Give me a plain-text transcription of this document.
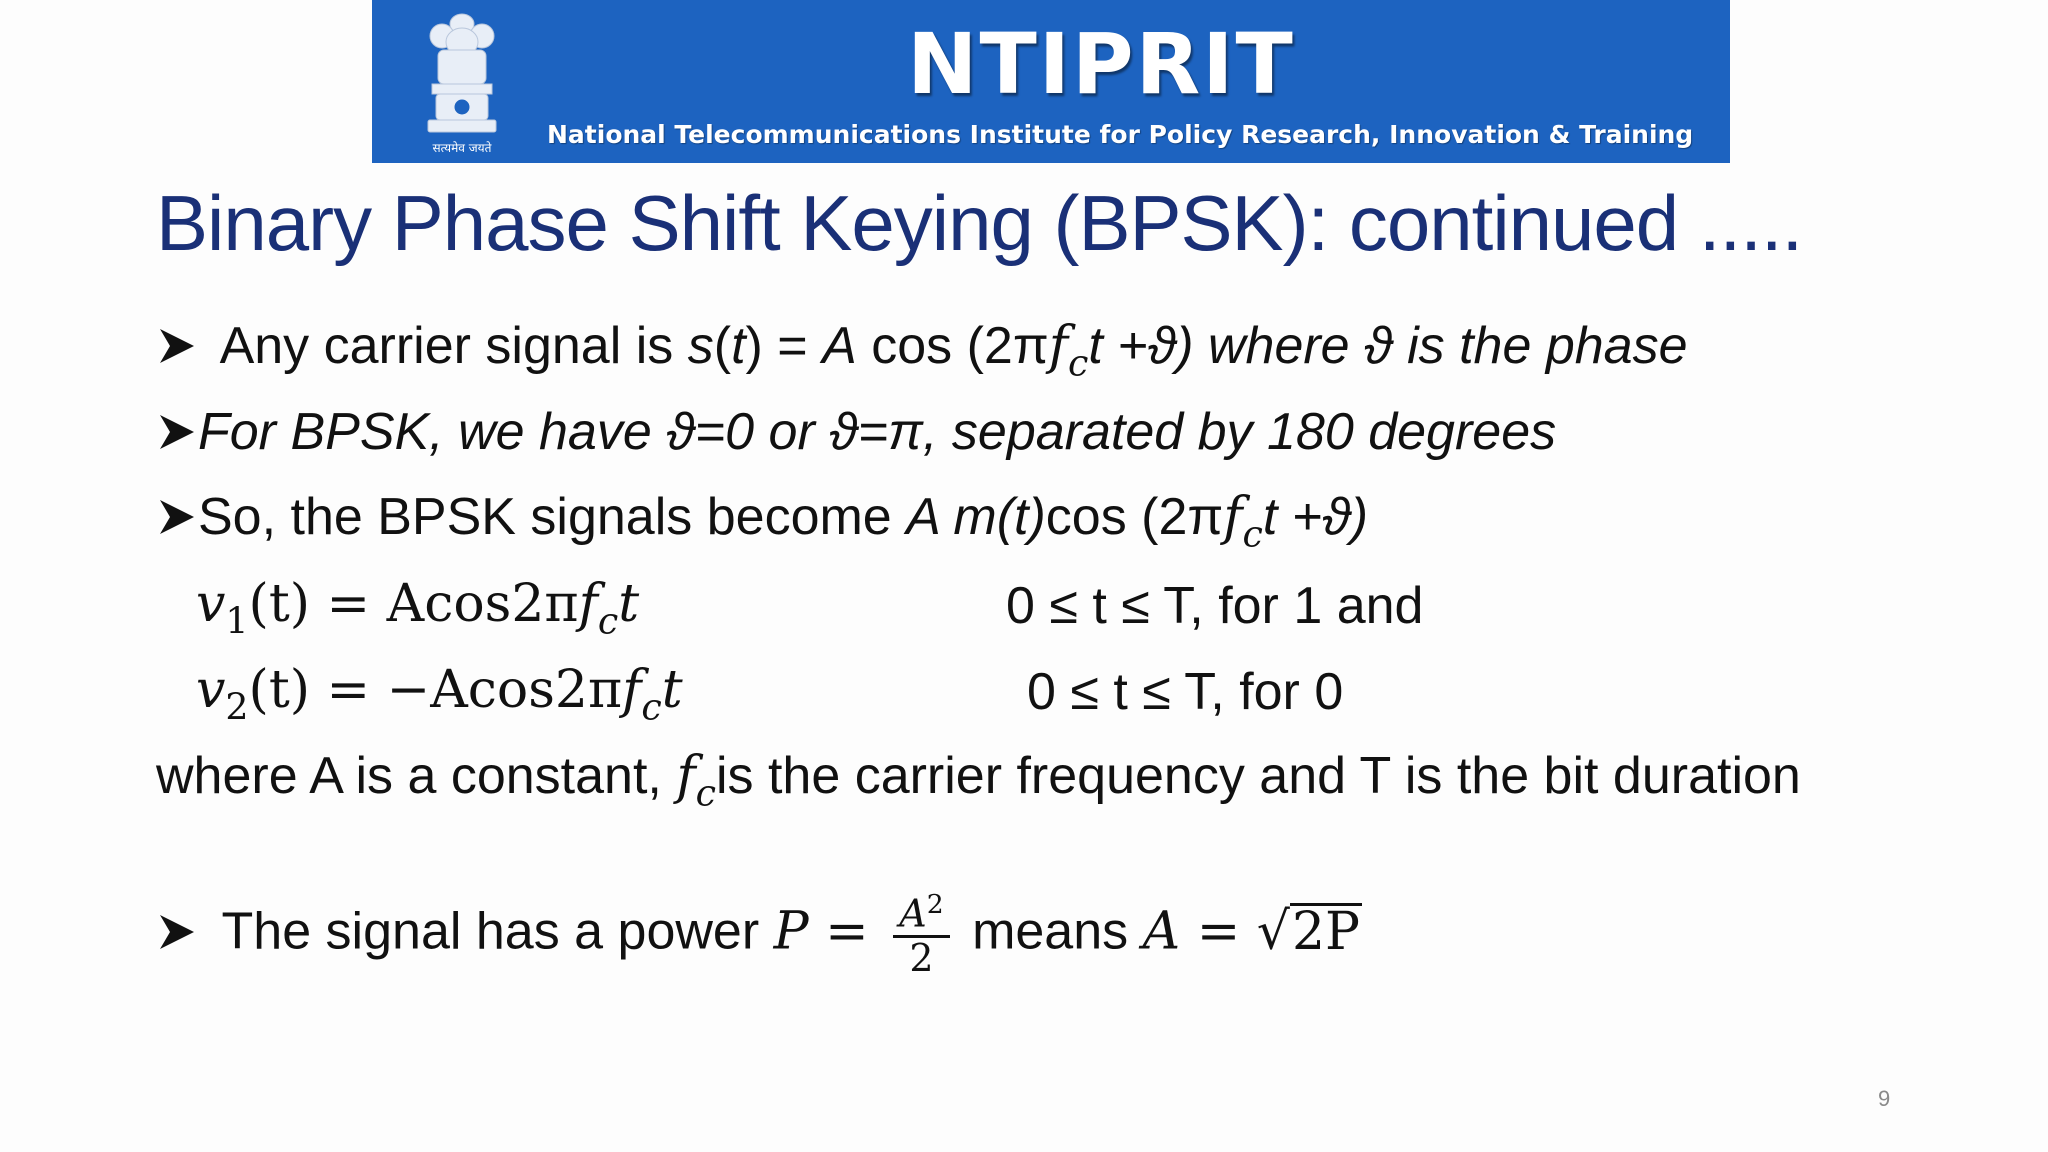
सत्यमेव जयते
NTIPRIT
National Telecommunications Institute for Policy Research, Innovation & Training
Binary Phase Shift Keying (BPSK): continued .....
Any carrier signal is s(t) = A $\cos (2\pi f_ct +ϑ)$ where ϑ is the phase
For BPSK, we have ϑ=0 or ϑ=π, separated by 180 degrees
So, the BPSK signals become A m(t)cos $(2\pi f_ct +ϑ)$
$v_1(t) = Acos2\pi f_ct$	0 ≤ t ≤ T, for 1 and
$v_2(t) = -Acos2\pi f_ct$	0 ≤ t ≤ T, for 0
where A is a constant, $f_cis$ the carrier frequency and T is the bit duration
The signal has a power $P = \frac{A^2}{2}$ means A = √2P
9
